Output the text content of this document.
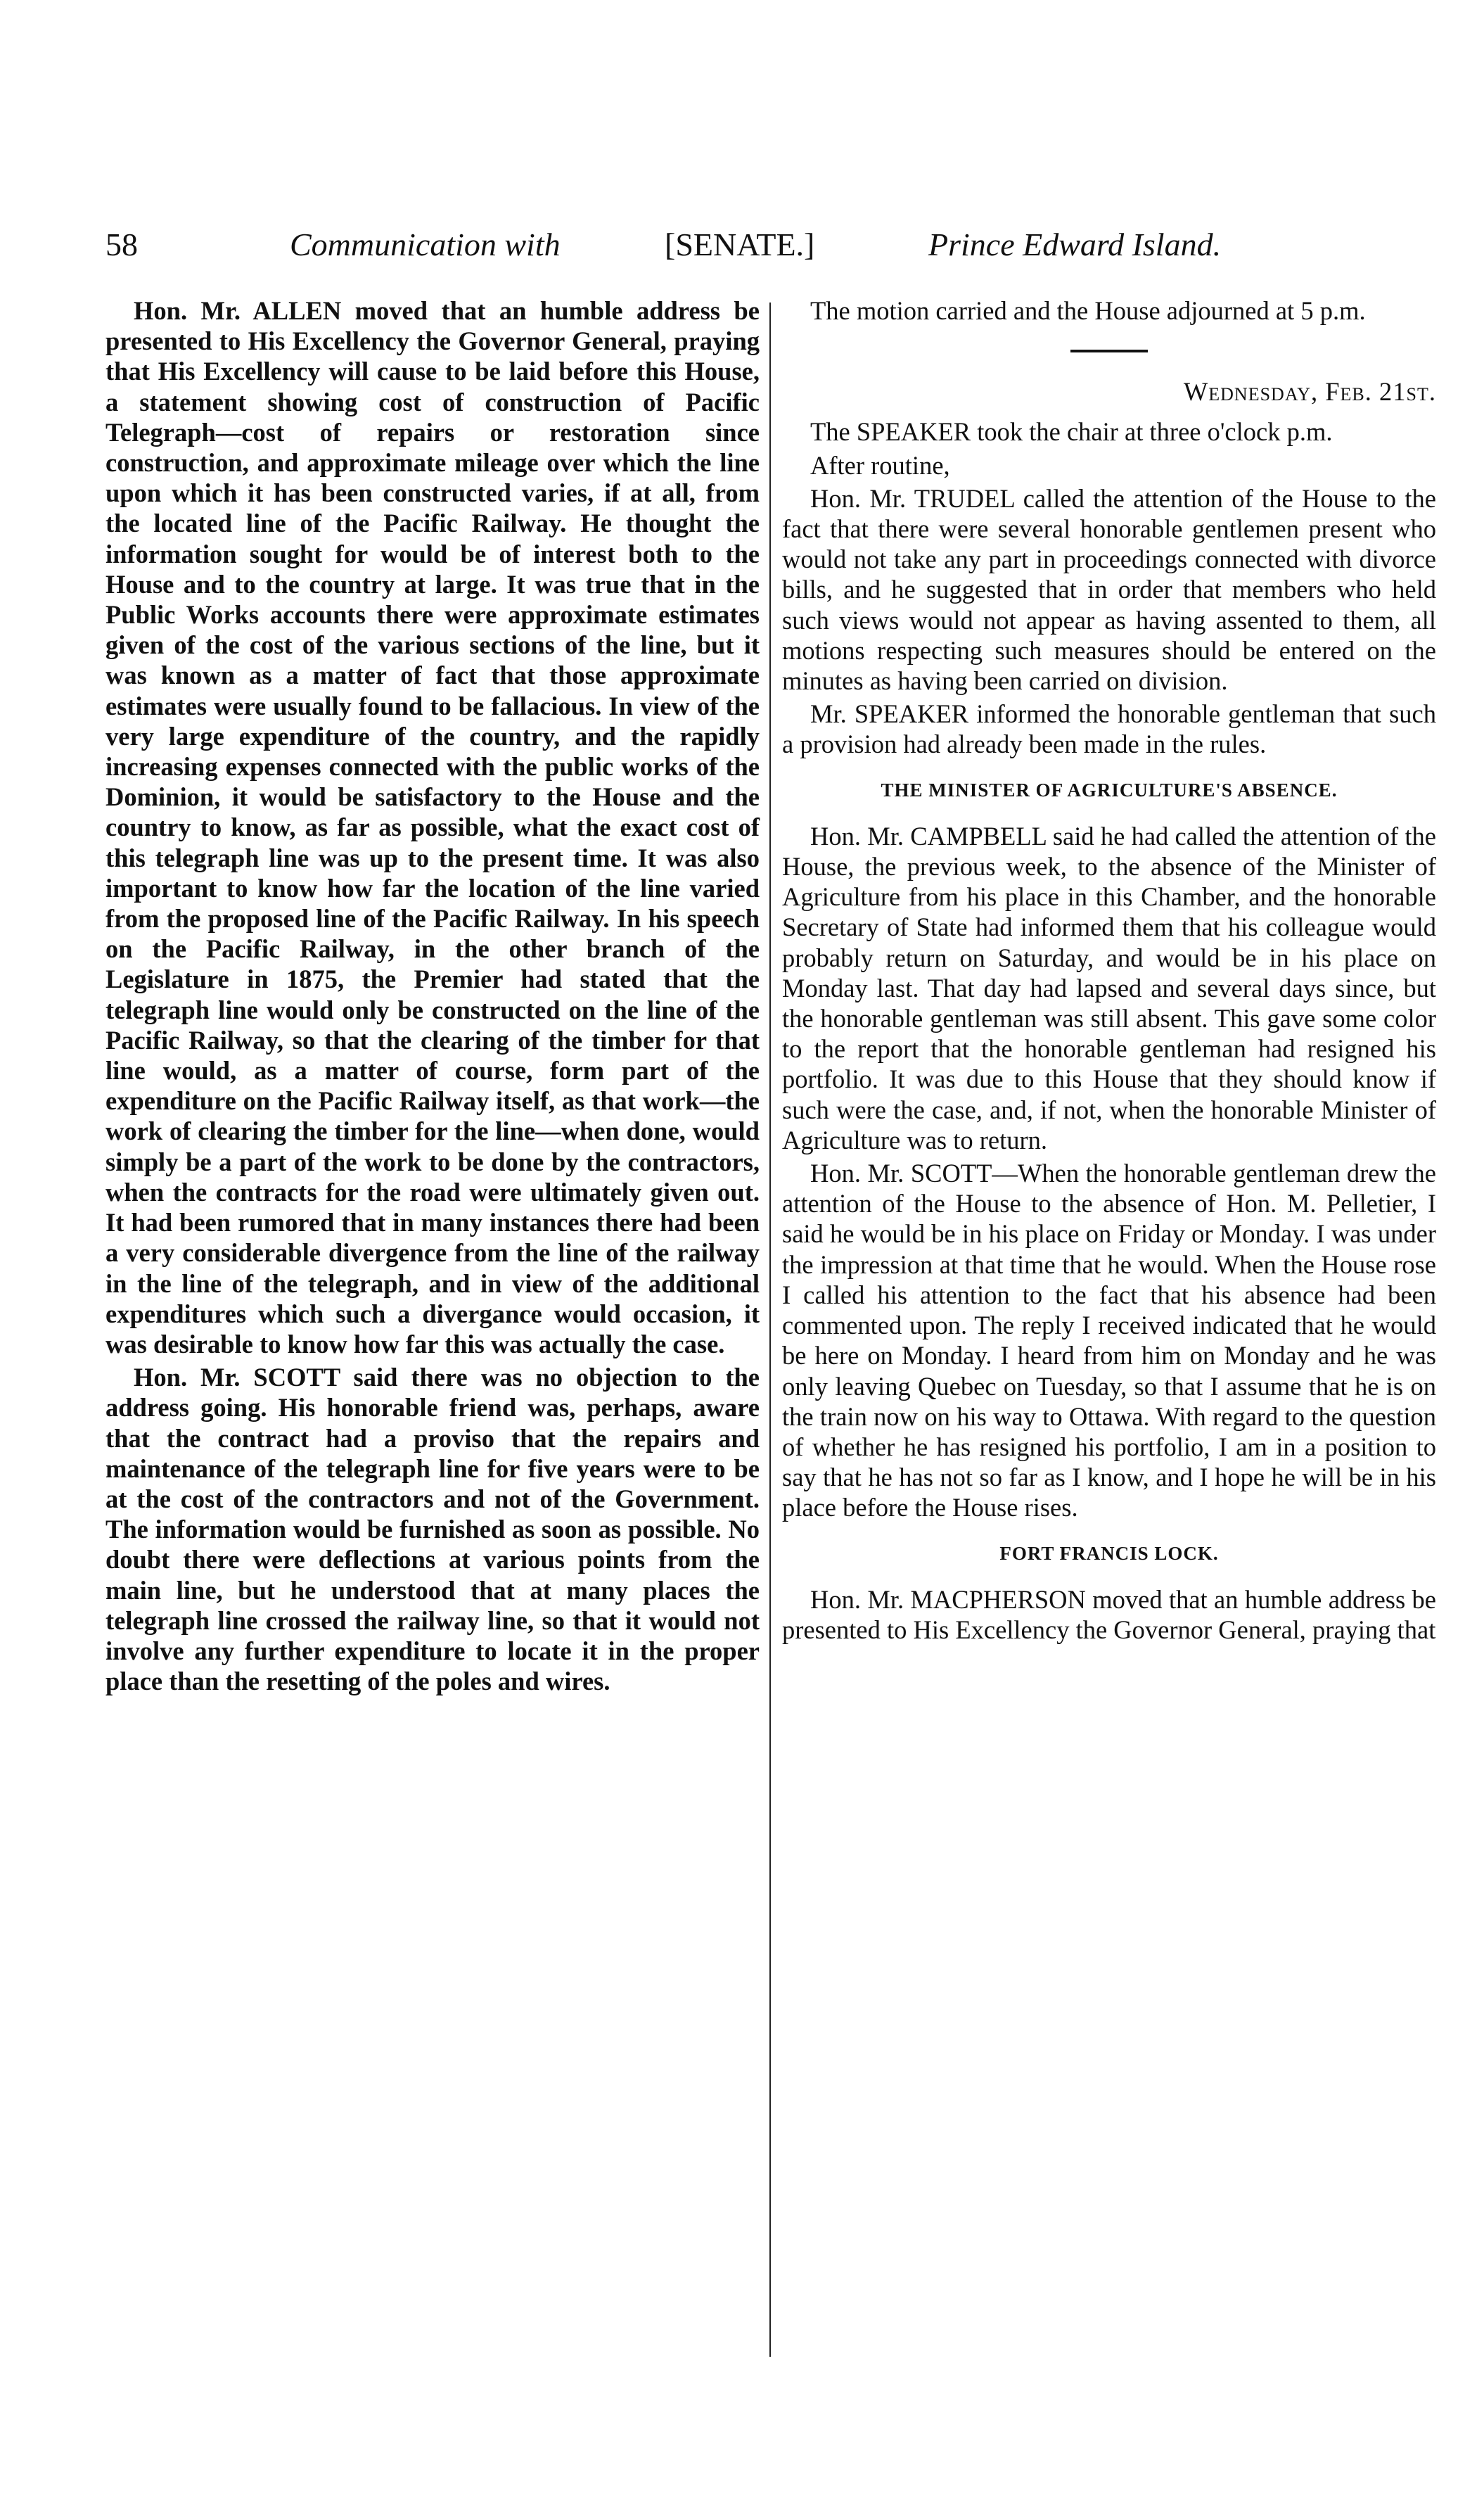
58	Communication with	[SENATE.]	Prince Edward Island.

Hon. Mr. ALLEN moved that an humble address be presented to His Excellency the Governor General, praying that His Excellency will cause to be laid before this House, a statement showing cost of construction of Pacific Telegraph—cost of repairs or restoration since construction, and approximate mileage over which the line upon which it has been constructed varies, if at all, from the located line of the Pacific Railway. He thought the information sought for would be of interest both to the House and to the country at large. It was true that in the Public Works accounts there were approximate estimates given of the cost of the various sections of the line, but it was known as a matter of fact that those approximate estimates were usually found to be fallacious. In view of the very large expenditure of the country, and the rapidly increasing expenses connected with the public works of the Dominion, it would be satisfactory to the House and the country to know, as far as possible, what the exact cost of this telegraph line was up to the present time. It was also important to know how far the location of the line varied from the proposed line of the Pacific Railway. In his speech on the Pacific Railway, in the other branch of the Legislature in 1875, the Premier had stated that the telegraph line would only be constructed on the line of the Pacific Railway, so that the clearing of the timber for that line would, as a matter of course, form part of the expenditure on the Pacific Railway itself, as that work—the work of clearing the timber for the line—when done, would simply be a part of the work to be done by the contractors, when the contracts for the road were ultimately given out. It had been rumored that in many instances there had been a very considerable divergence from the line of the railway in the line of the telegraph, and in view of the additional expenditures which such a divergance would occasion, it was desirable to know how far this was actually the case.

Hon. Mr. SCOTT said there was no objection to the address going. His honorable friend was, perhaps, aware that the contract had a proviso that the repairs and maintenance of the telegraph line for five years were to be at the cost of the contractors and not of the Government. The information would be furnished as soon as possible. No doubt there were deflections at various points from the main line, but he understood that at many places the telegraph line crossed the railway line, so that it would not involve any further expenditure to locate it in the proper place than the resetting of the poles and wires.

The motion carried and the House adjourned at 5 p.m.

Wednesday, Feb. 21st.

The SPEAKER took the chair at three o'clock p.m.

After routine,

Hon. Mr. TRUDEL called the attention of the House to the fact that there were several honorable gentlemen present who would not take any part in proceedings connected with divorce bills, and he suggested that in order that members who held such views would not appear as having assented to them, all motions respecting such measures should be entered on the minutes as having been carried on division.

Mr. SPEAKER informed the honorable gentleman that such a provision had already been made in the rules.

THE MINISTER OF AGRICULTURE'S ABSENCE.

Hon. Mr. CAMPBELL said he had called the attention of the House, the previous week, to the absence of the Minister of Agriculture from his place in this Chamber, and the honorable Secretary of State had informed them that his colleague would probably return on Saturday, and would be in his place on Monday last. That day had lapsed and several days since, but the honorable gentleman was still absent. This gave some color to the report that the honorable gentleman had resigned his portfolio. It was due to this House that they should know if such were the case, and, if not, when the honorable Minister of Agriculture was to return.

Hon. Mr. SCOTT—When the honorable gentleman drew the attention of the House to the absence of Hon. M. Pelletier, I said he would be in his place on Friday or Monday. I was under the impression at that time that he would. When the House rose I called his attention to the fact that his absence had been commented upon. The reply I received indicated that he would be here on Monday. I heard from him on Monday and he was only leaving Quebec on Tuesday, so that I assume that he is on the train now on his way to Ottawa. With regard to the question of whether he has resigned his portfolio, I am in a position to say that he has not so far as I know, and I hope he will be in his place before the House rises.

FORT FRANCIS LOCK.

Hon. Mr. MACPHERSON moved that an humble address be presented to His Excellency the Governor General, praying that
